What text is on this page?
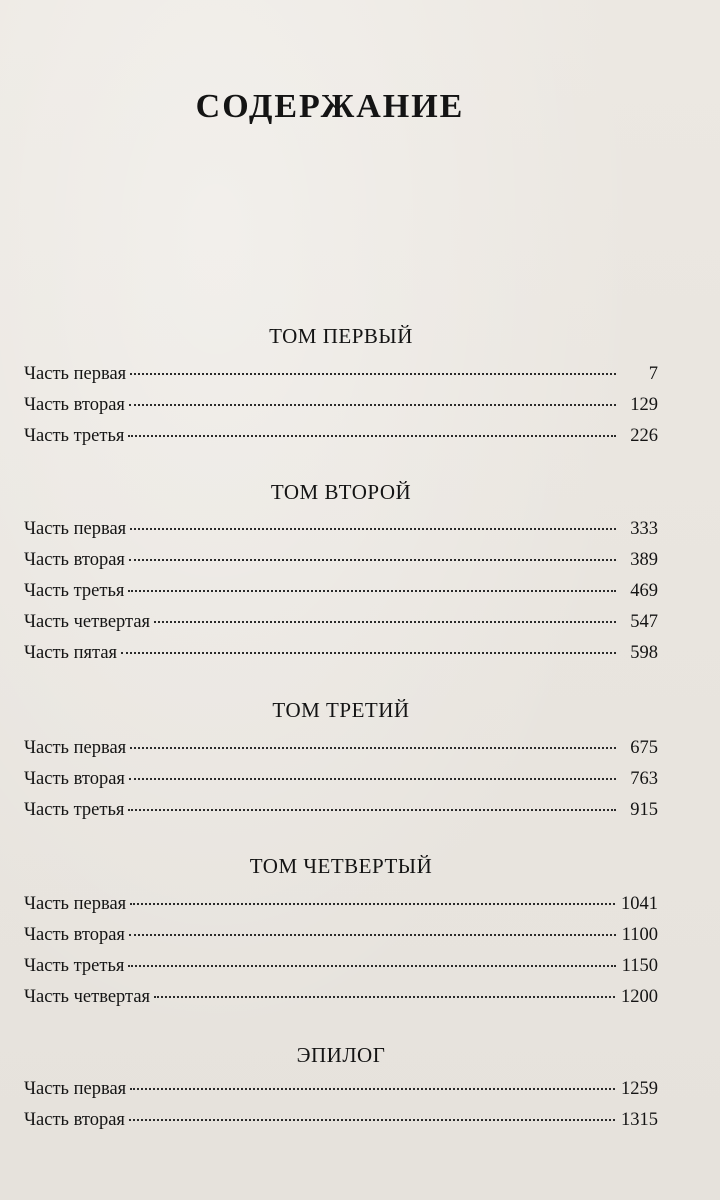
СОДЕРЖАНИЕ
ТОМ ПЕРВЫЙ
Часть первая	7
Часть вторая	129
Часть третья	226
ТОМ ВТОРОЙ
Часть первая	333
Часть вторая	389
Часть третья	469
Часть четвертая	547
Часть пятая	598
ТОМ ТРЕТИЙ
Часть первая	675
Часть вторая	763
Часть третья	915
ТОМ ЧЕТВЕРТЫЙ
Часть первая	1041
Часть вторая	1100
Часть третья	1150
Часть четвертая	1200
ЭПИЛОГ
Часть первая	1259
Часть вторая	1315
